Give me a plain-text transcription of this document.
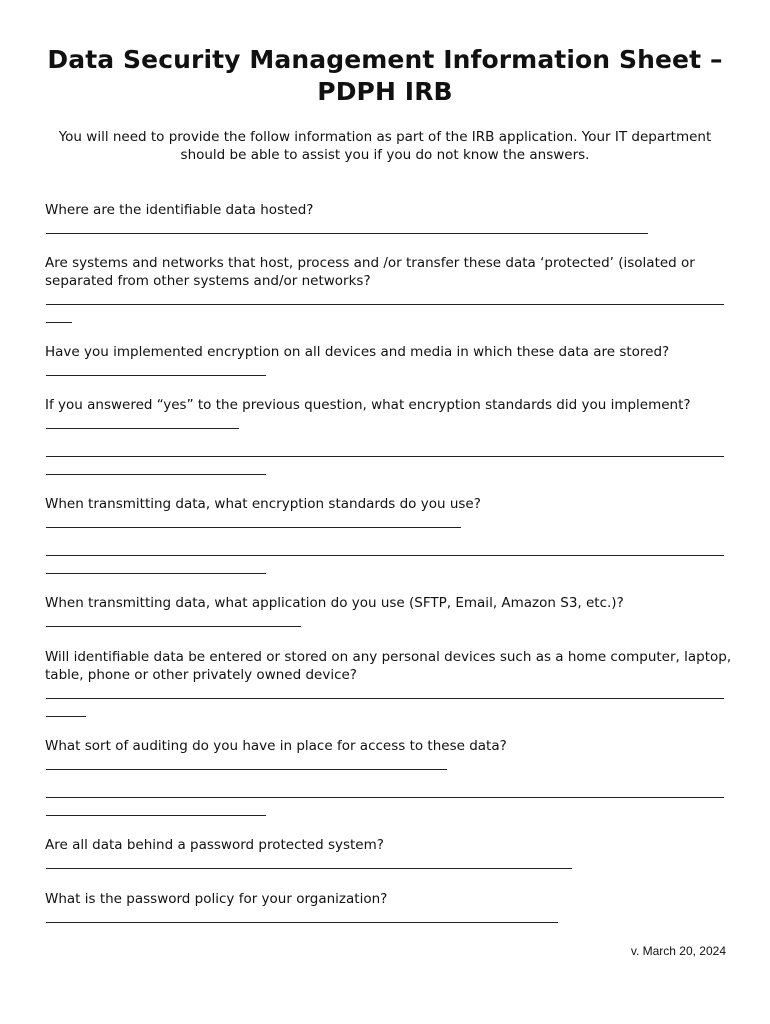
Data Security Management Information Sheet – PDPH IRB

You will need to provide the follow information as part of the IRB application. Your IT department should be able to assist you if you do not know the answers.

Where are the identifiable data hosted?

Are systems and networks that host, process and /or transfer these data ‘protected’ (isolated or separated from other systems and/or networks?

Have you implemented encryption on all devices and media in which these data are stored?

If you answered “yes” to the previous question, what encryption standards did you implement?

When transmitting data, what encryption standards do you use?

When transmitting data, what application do you use (SFTP, Email, Amazon S3, etc.)?

Will identifiable data be entered or stored on any personal devices such as a home computer, laptop, table, phone or other privately owned device?

What sort of auditing do you have in place for access to these data?

Are all data behind a password protected system?

What is the password policy for your organization?

v. March 20, 2024
